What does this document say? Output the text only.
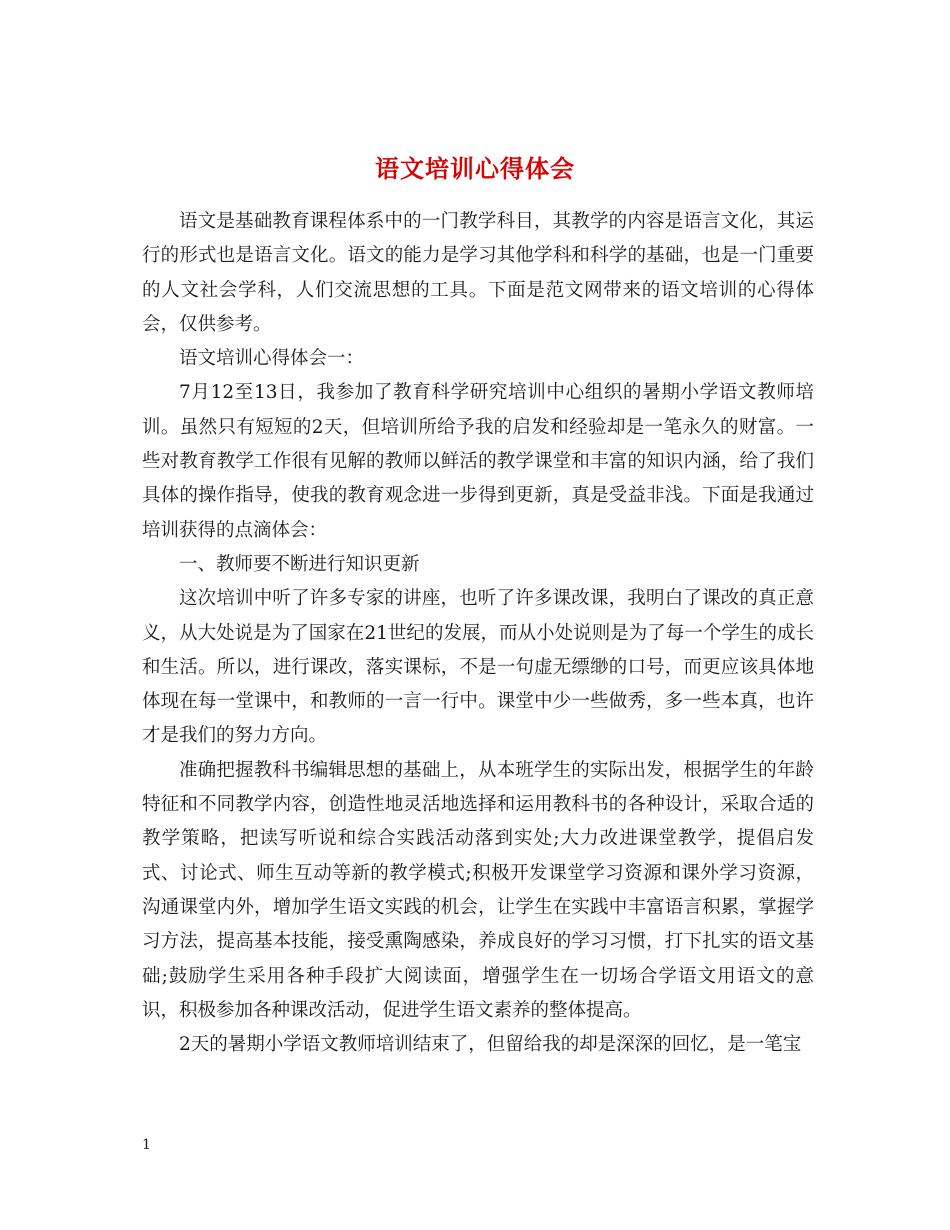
语文培训心得体会

语文是基础教育课程体系中的一门教学科目，其教学的内容是语言文化，其运行的形式也是语言文化。语文的能力是学习其他学科和科学的基础，也是一门重要的人文社会学科，人们交流思想的工具。下面是范文网带来的语文培训的心得体会，仅供参考。

语文培训心得体会一：

7月12至13日，我参加了教育科学研究培训中心组织的暑期小学语文教师培训。虽然只有短短的2天，但培训所给予我的启发和经验却是一笔永久的财富。一些对教育教学工作很有见解的教师以鲜活的教学课堂和丰富的知识内涵，给了我们具体的操作指导，使我的教育观念进一步得到更新，真是受益非浅。下面是我通过培训获得的点滴体会：

一、教师要不断进行知识更新

这次培训中听了许多专家的讲座，也听了许多课改课，我明白了课改的真正意义，从大处说是为了国家在21世纪的发展，而从小处说则是为了每一个学生的成长和生活。所以，进行课改，落实课标，不是一句虚无缥缈的口号，而更应该具体地体现在每一堂课中，和教师的一言一行中。课堂中少一些做秀，多一些本真，也许才是我们的努力方向。

准确把握教科书编辑思想的基础上，从本班学生的实际出发，根据学生的年龄特征和不同教学内容，创造性地灵活地选择和运用教科书的各种设计，采取合适的教学策略，把读写听说和综合实践活动落到实处;大力改进课堂教学，提倡启发式、讨论式、师生互动等新的教学模式;积极开发课堂学习资源和课外学习资源，沟通课堂内外，增加学生语文实践的机会，让学生在实践中丰富语言积累，掌握学习方法，提高基本技能，接受熏陶感染，养成良好的学习习惯，打下扎实的语文基础;鼓励学生采用各种手段扩大阅读面，增强学生在一切场合学语文用语文的意识，积极参加各种课改活动，促进学生语文素养的整体提高。

2天的暑期小学语文教师培训结束了，但留给我的却是深深的回忆，是一笔宝

1
